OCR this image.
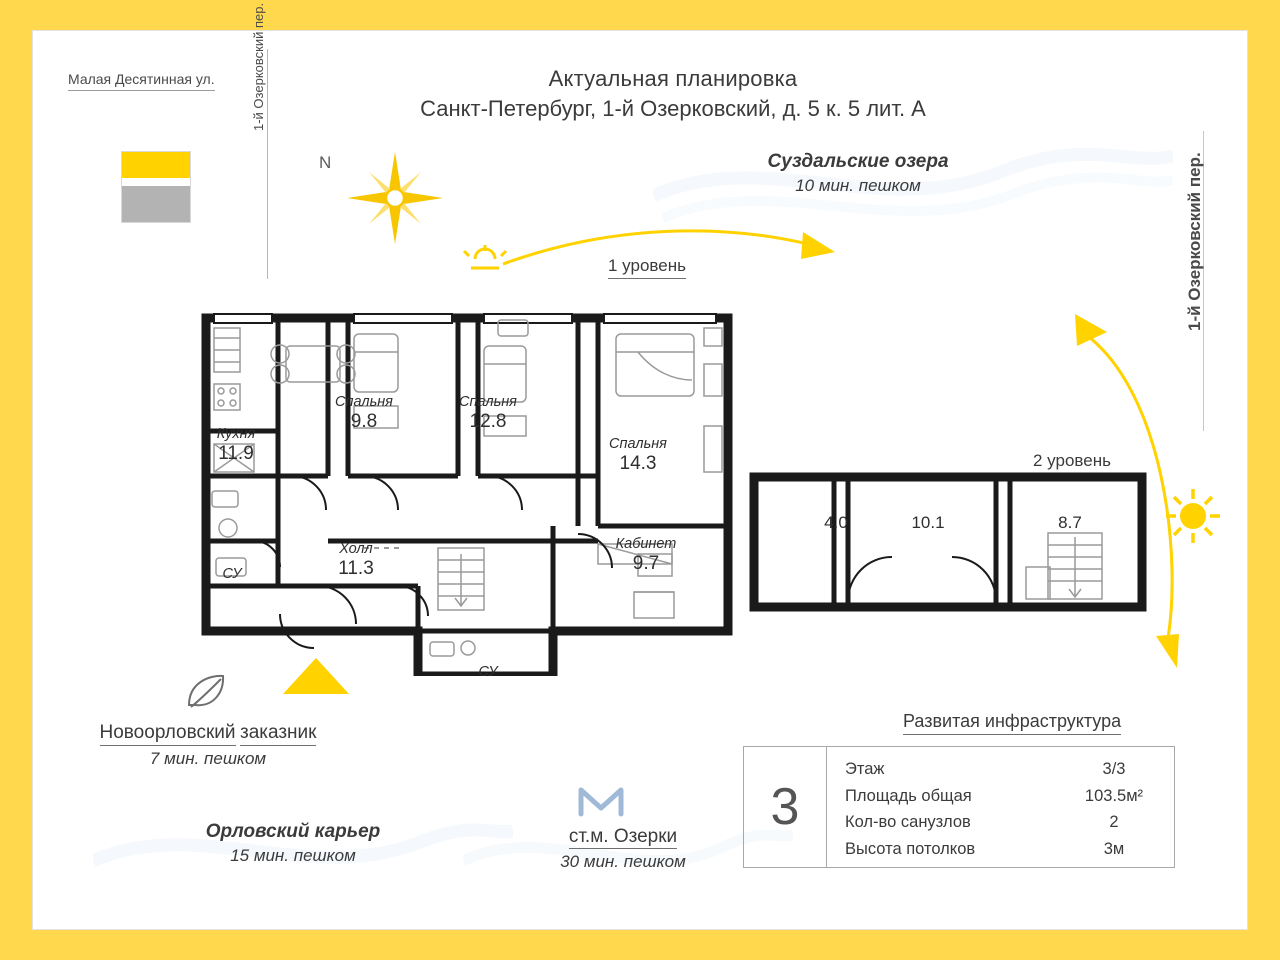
Актуальная планировка
Санкт-Петербург, 1-й Озерковский, д. 5 к. 5 лит. А
Малая Десятинная ул.	1-й Озерковский пер.
1-й Озерковский пер.
N
1 уровень
2 уровень
Суздальские озера
10 мин. пешком
Новоорловский заказник
7 мин. пешком
Орловский карьер
15 мин. пешком
ст.м. Озерки
30 мин. пешком
Кухня
11.9
Спальня
9.8
Спальня
12.8
Спальня
14.3
Холл
11.3
Кабинет
9.7
СУ
СУ
4.0	10.1	8.7
Развитая инфраструктура
3
Этаж	3/3
Площадь общая	103.5м²
Кол-во санузлов	2
Высота потолков	3м
